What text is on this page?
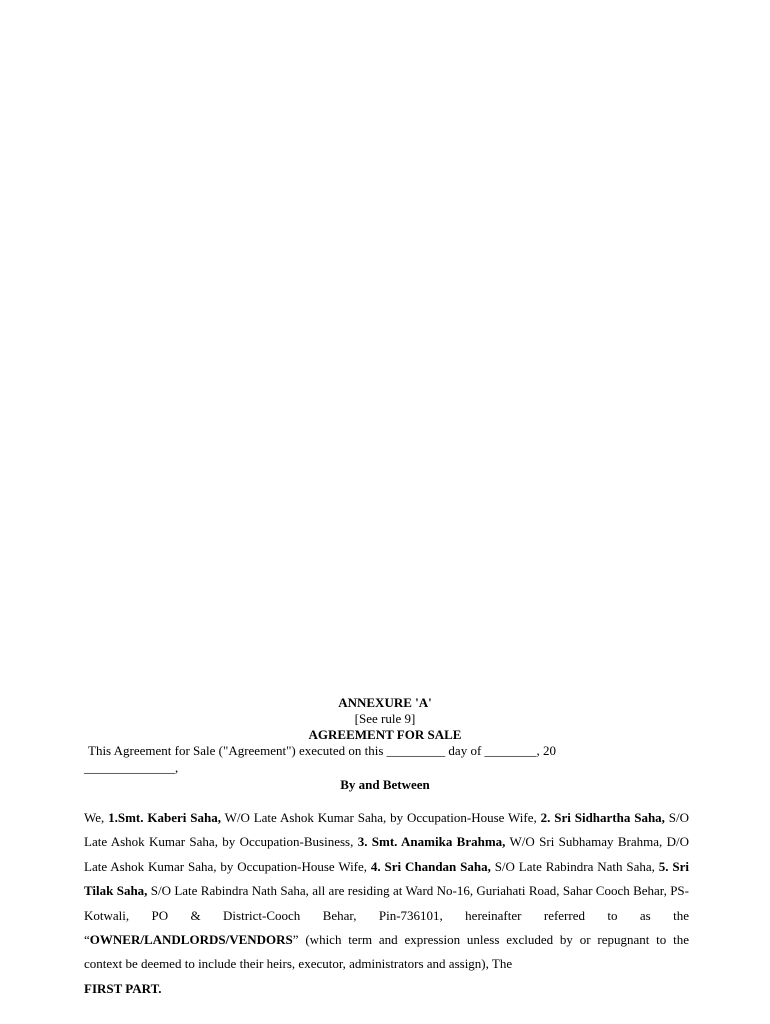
ANNEXURE 'A'
[See rule 9]
AGREEMENT FOR SALE
This Agreement for Sale ("Agreement") executed on this _________ day of ________, 20
______________,
By and Between
We, 1.Smt. Kaberi Saha, W/O Late Ashok Kumar Saha, by Occupation-House Wife, 2. Sri Sidhartha Saha, S/O Late Ashok Kumar Saha, by Occupation-Business, 3. Smt. Anamika Brahma, W/O Sri Subhamay Brahma, D/O Late Ashok Kumar Saha, by Occupation-House Wife, 4. Sri Chandan Saha, S/O Late Rabindra Nath Saha, 5. Sri Tilak Saha, S/O Late Rabindra Nath Saha, all are residing at Ward No-16, Guriahati Road, Sahar Cooch Behar, PS-Kotwali, PO & District-Cooch Behar, Pin-736101, hereinafter referred to as the “OWNER/LANDLORDS/VENDORS” (which term and expression unless excluded by or repugnant to the context be deemed to include their heirs, executor, administrators and assign), The
FIRST PART.
